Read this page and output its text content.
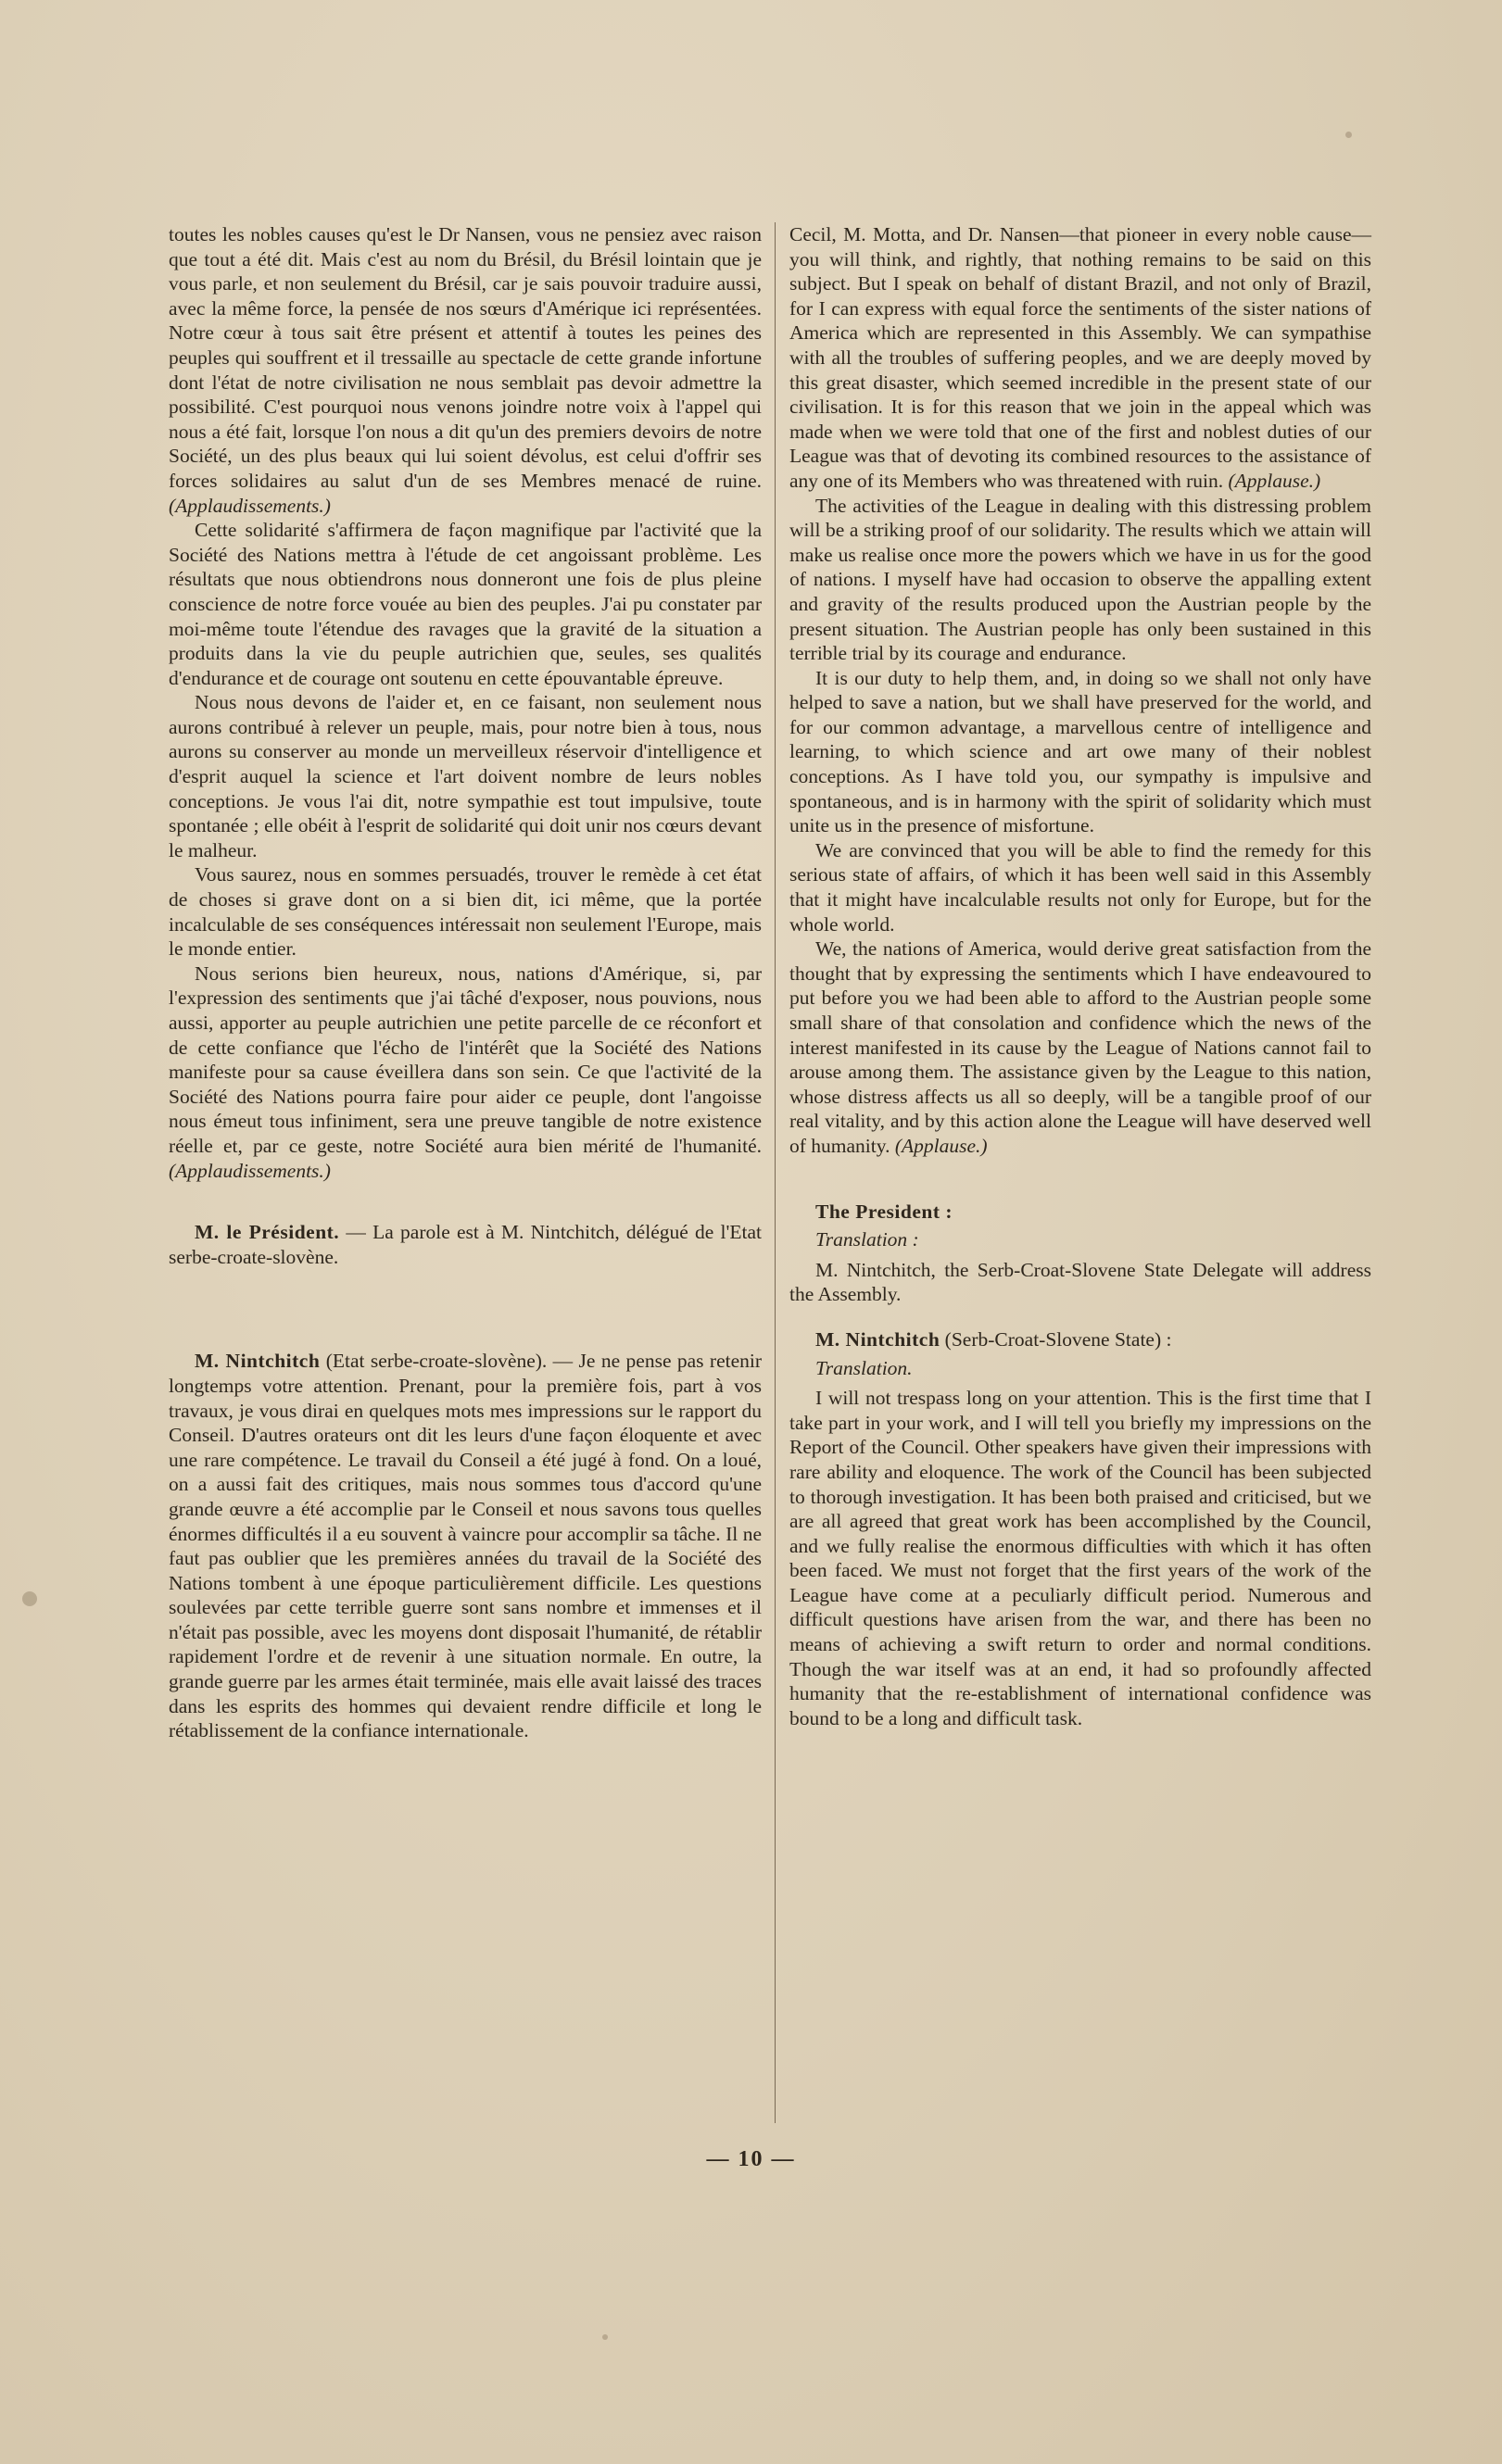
toutes les nobles causes qu'est le Dr Nansen, vous ne pensiez avec raison que tout a été dit. Mais c'est au nom du Brésil, du Brésil lointain que je vous parle, et non seulement du Brésil, car je sais pouvoir traduire aussi, avec la même force, la pensée de nos sœurs d'Amérique ici représentées. Notre cœur à tous sait être présent et attentif à toutes les peines des peuples qui souffrent et il tressaille au spectacle de cette grande infortune dont l'état de notre civilisation ne nous semblait pas devoir admettre la possibilité. C'est pourquoi nous venons joindre notre voix à l'appel qui nous a été fait, lorsque l'on nous a dit qu'un des premiers devoirs de notre Société, un des plus beaux qui lui soient dévolus, est celui d'offrir ses forces solidaires au salut d'un de ses Membres menacé de ruine. (Applaudissements.)

Cette solidarité s'affirmera de façon magnifique par l'activité que la Société des Nations mettra à l'étude de cet angoissant problème. Les résultats que nous obtiendrons nous donneront une fois de plus pleine conscience de notre force vouée au bien des peuples. J'ai pu constater par moi-même toute l'étendue des ravages que la gravité de la situation a produits dans la vie du peuple autrichien que, seules, ses qualités d'endurance et de courage ont soutenu en cette épouvantable épreuve.

Nous nous devons de l'aider et, en ce faisant, non seulement nous aurons contribué à relever un peuple, mais, pour notre bien à tous, nous aurons su conserver au monde un merveilleux réservoir d'intelligence et d'esprit auquel la science et l'art doivent nombre de leurs nobles conceptions. Je vous l'ai dit, notre sympathie est tout impulsive, toute spontanée ; elle obéit à l'esprit de solidarité qui doit unir nos cœurs devant le malheur.

Vous saurez, nous en sommes persuadés, trouver le remède à cet état de choses si grave dont on a si bien dit, ici même, que la portée incalculable de ses conséquences intéressait non seulement l'Europe, mais le monde entier.

Nous serions bien heureux, nous, nations d'Amérique, si, par l'expression des sentiments que j'ai tâché d'exposer, nous pouvions, nous aussi, apporter au peuple autrichien une petite parcelle de ce réconfort et de cette confiance que l'écho de l'intérêt que la Société des Nations manifeste pour sa cause éveillera dans son sein. Ce que l'activité de la Société des Nations pourra faire pour aider ce peuple, dont l'angoisse nous émeut tous infiniment, sera une preuve tangible de notre existence réelle et, par ce geste, notre Société aura bien mérité de l'humanité. (Applaudissements.)

M. le Président. — La parole est à M. Nintchitch, délégué de l'Etat serbe-croate-slovène.

M. Nintchitch (Etat serbe-croate-slovène). — Je ne pense pas retenir longtemps votre attention. Prenant, pour la première fois, part à vos travaux, je vous dirai en quelques mots mes impressions sur le rapport du Conseil. D'autres orateurs ont dit les leurs d'une façon éloquente et avec une rare compétence. Le travail du Conseil a été jugé à fond. On a loué, on a aussi fait des critiques, mais nous sommes tous d'accord qu'une grande œuvre a été accomplie par le Conseil et nous savons tous quelles énormes difficultés il a eu souvent à vaincre pour accomplir sa tâche. Il ne faut pas oublier que les premières années du travail de la Société des Nations tombent à une époque particulièrement difficile. Les questions soulevées par cette terrible guerre sont sans nombre et immenses et il n'était pas possible, avec les moyens dont disposait l'humanité, de rétablir rapidement l'ordre et de revenir à une situation normale. En outre, la grande guerre par les armes était terminée, mais elle avait laissé des traces dans les esprits des hommes qui devaient rendre difficile et long le rétablissement de la confiance internationale.

Cecil, M. Motta, and Dr. Nansen—that pioneer in every noble cause—you will think, and rightly, that nothing remains to be said on this subject. But I speak on behalf of distant Brazil, and not only of Brazil, for I can express with equal force the sentiments of the sister nations of America which are represented in this Assembly. We can sympathise with all the troubles of suffering peoples, and we are deeply moved by this great disaster, which seemed incredible in the present state of our civilisation. It is for this reason that we join in the appeal which was made when we were told that one of the first and noblest duties of our League was that of devoting its combined resources to the assistance of any one of its Members who was threatened with ruin. (Applause.)

The activities of the League in dealing with this distressing problem will be a striking proof of our solidarity. The results which we attain will make us realise once more the powers which we have in us for the good of nations. I myself have had occasion to observe the appalling extent and gravity of the results produced upon the Austrian people by the present situation. The Austrian people has only been sustained in this terrible trial by its courage and endurance.

It is our duty to help them, and, in doing so we shall not only have helped to save a nation, but we shall have preserved for the world, and for our common advantage, a marvellous centre of intelligence and learning, to which science and art owe many of their noblest conceptions. As I have told you, our sympathy is impulsive and spontaneous, and is in harmony with the spirit of solidarity which must unite us in the presence of misfortune.

We are convinced that you will be able to find the remedy for this serious state of affairs, of which it has been well said in this Assembly that it might have incalculable results not only for Europe, but for the whole world.

We, the nations of America, would derive great satisfaction from the thought that by expressing the sentiments which I have endeavoured to put before you we had been able to afford to the Austrian people some small share of that consolation and confidence which the news of the interest manifested in its cause by the League of Nations cannot fail to arouse among them. The assistance given by the League to this nation, whose distress affects us all so deeply, will be a tangible proof of our real vitality, and by this action alone the League will have deserved well of humanity. (Applause.)

The President :

Translation :

M. Nintchitch, the Serb-Croat-Slovene State Delegate will address the Assembly.

M. Nintchitch (Serb-Croat-Slovene State) :

Translation.

I will not trespass long on your attention. This is the first time that I take part in your work, and I will tell you briefly my impressions on the Report of the Council. Other speakers have given their impressions with rare ability and eloquence. The work of the Council has been subjected to thorough investigation. It has been both praised and criticised, but we are all agreed that great work has been accomplished by the Council, and we fully realise the enormous difficulties with which it has often been faced. We must not forget that the first years of the work of the League have come at a peculiarly difficult period. Numerous and difficult questions have arisen from the war, and there has been no means of achieving a swift return to order and normal conditions. Though the war itself was at an end, it had so profoundly affected humanity that the re-establishment of international confidence was bound to be a long and difficult task.

— 10 —
